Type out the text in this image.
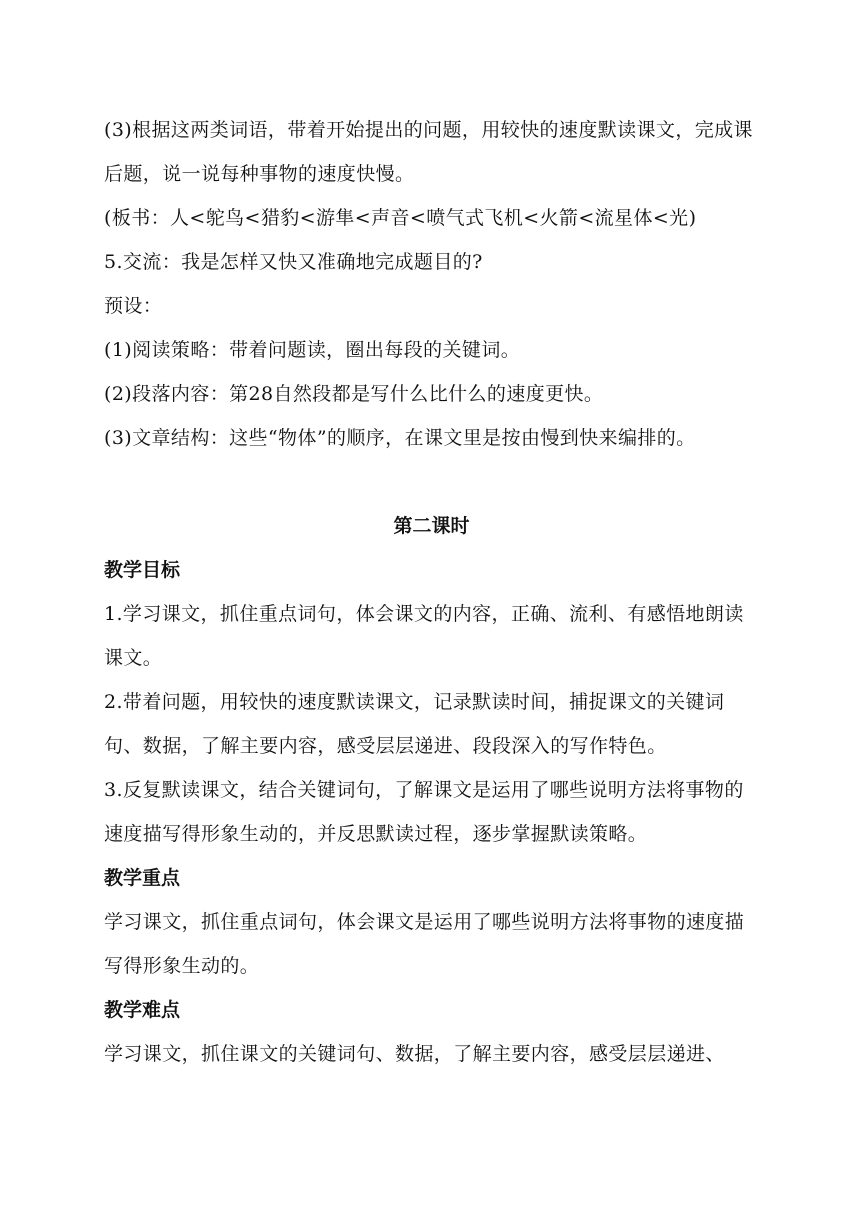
(3)根据这两类词语，带着开始提出的问题，用较快的速度默读课文，完成课后题，说一说每种事物的速度快慢。

(板书：人<鸵鸟<猎豹<游隼<声音<喷气式飞机<火箭<流星体<光)

5.交流：我是怎样又快又准确地完成题目的?

预设：

(1)阅读策略：带着问题读，圈出每段的关键词。

(2)段落内容：第28自然段都是写什么比什么的速度更快。

(3)文章结构：这些“物体”的顺序，在课文里是按由慢到快来编排的。

第二课时

教学目标

1.学习课文，抓住重点词句，体会课文的内容，正确、流利、有感悟地朗读课文。

2.带着问题，用较快的速度默读课文，记录默读时间，捕捉课文的关键词句、数据，了解主要内容，感受层层递进、段段深入的写作特色。

3.反复默读课文，结合关键词句，了解课文是运用了哪些说明方法将事物的速度描写得形象生动的，并反思默读过程，逐步掌握默读策略。

教学重点

学习课文，抓住重点词句，体会课文是运用了哪些说明方法将事物的速度描写得形象生动的。

教学难点

学习课文，抓住课文的关键词句、数据，了解主要内容，感受层层递进、
